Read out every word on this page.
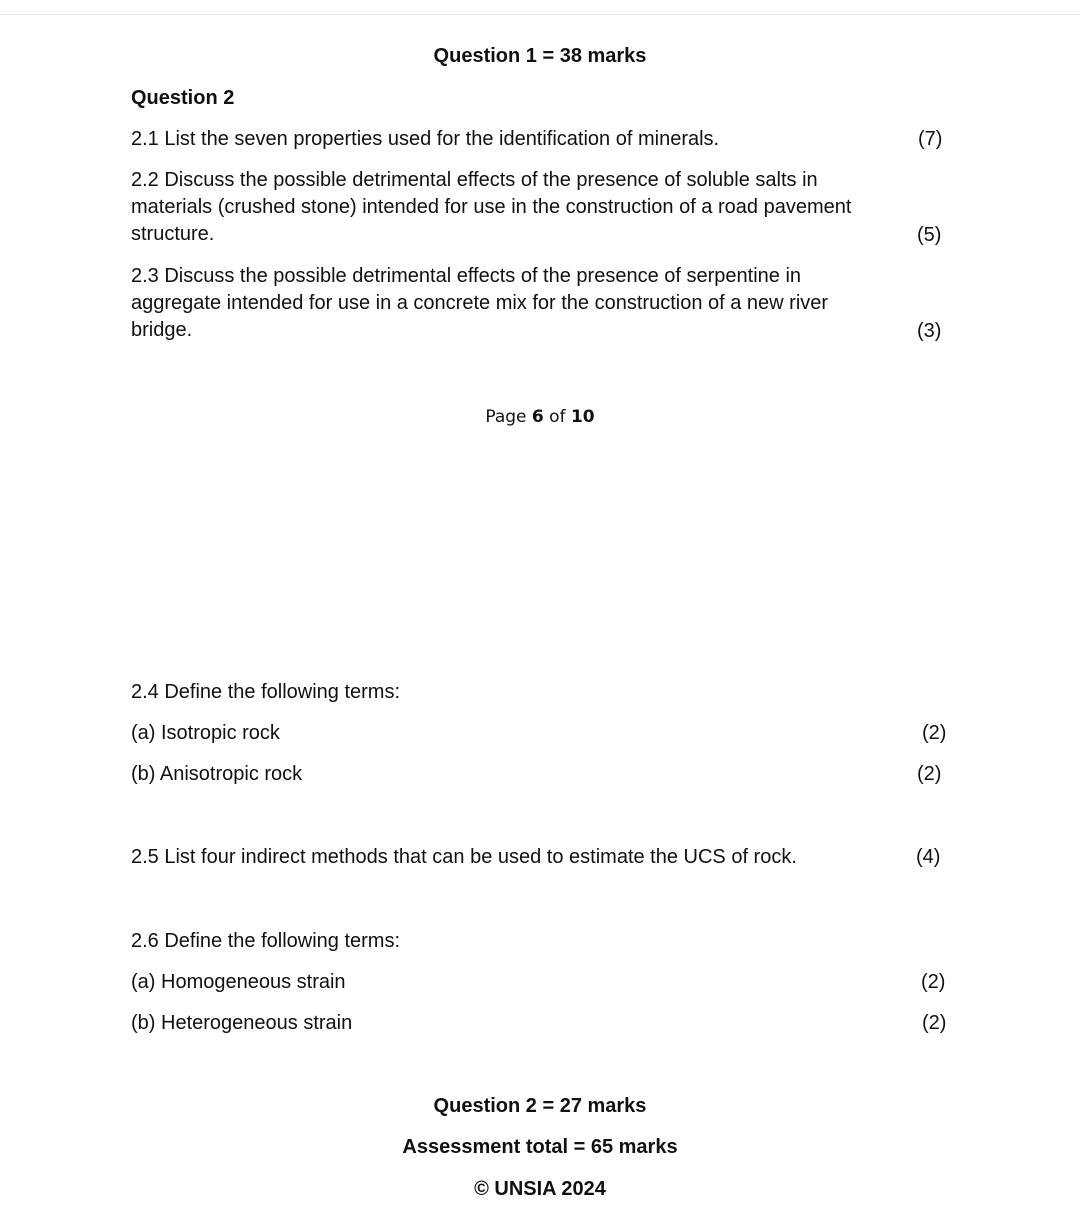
Question 1 = 38 marks
Question 2
2.1 List the seven properties used for the identification of minerals.	(7)
2.2 Discuss the possible detrimental effects of the presence of soluble salts in
materials (crushed stone) intended for use in the construction of a road pavement
structure.	(5)
2.3 Discuss the possible detrimental effects of the presence of serpentine in
aggregate intended for use in a concrete mix for the construction of a new river
bridge.	(3)
Page 6 of 10
2.4 Define the following terms:
(a) Isotropic rock	(2)
(b) Anisotropic rock	(2)
2.5 List four indirect methods that can be used to estimate the UCS of rock.	(4)
2.6 Define the following terms:
(a) Homogeneous strain	(2)
(b) Heterogeneous strain	(2)
Question 2 = 27 marks
Assessment total = 65 marks
© UNSIA 2024
